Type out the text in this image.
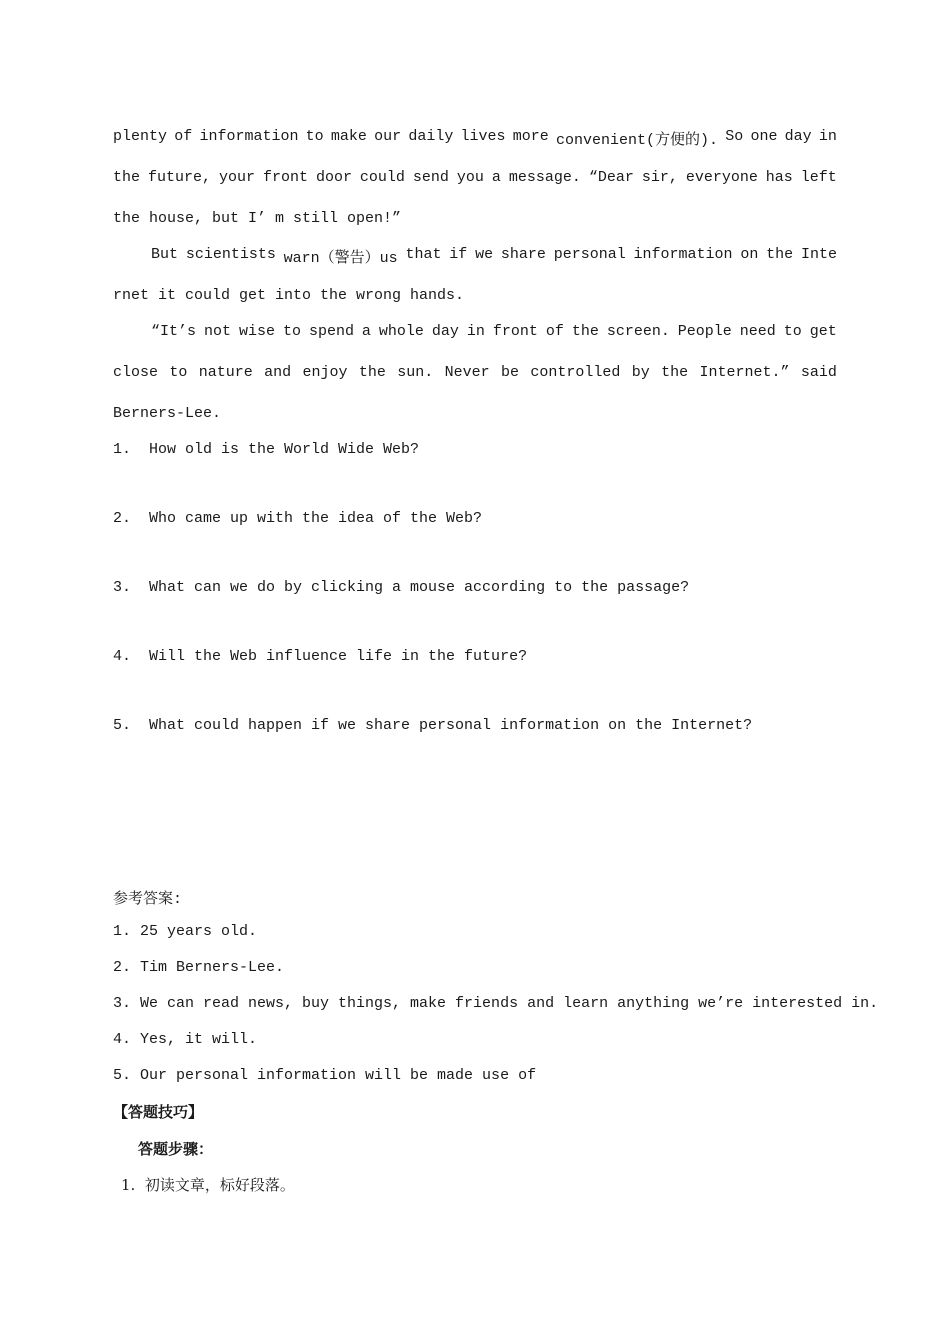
plenty of information to make our daily lives more convenient(方便的). So one day in
the future, your front door could send you a message. “Dear sir, everyone has left
the house, but I’ m still open!”
But scientists warn（警告）us that if we share personal information on the Inte
rnet it could get into the wrong hands.
“It’s not wise to spend a whole day in front of the screen. People need to get
close to nature and enjoy the sun. Never be controlled by the Internet.” said
Berners-Lee.
1.  How old is the World Wide Web?
2.  Who came up with the idea of the Web?
3.  What can we do by clicking a mouse according to the passage?
4.  Will the Web influence life in the future?
5.  What could happen if we share personal information on the Internet?
参考答案:
1. 25 years old.
2. Tim Berners-Lee.
3. We can read news, buy things, make friends and learn anything we’re interested in.
4. Yes, it will.
5. Our personal information will be made use of
【答题技巧】
答题步骤：
1.  初读文章，标好段落。
